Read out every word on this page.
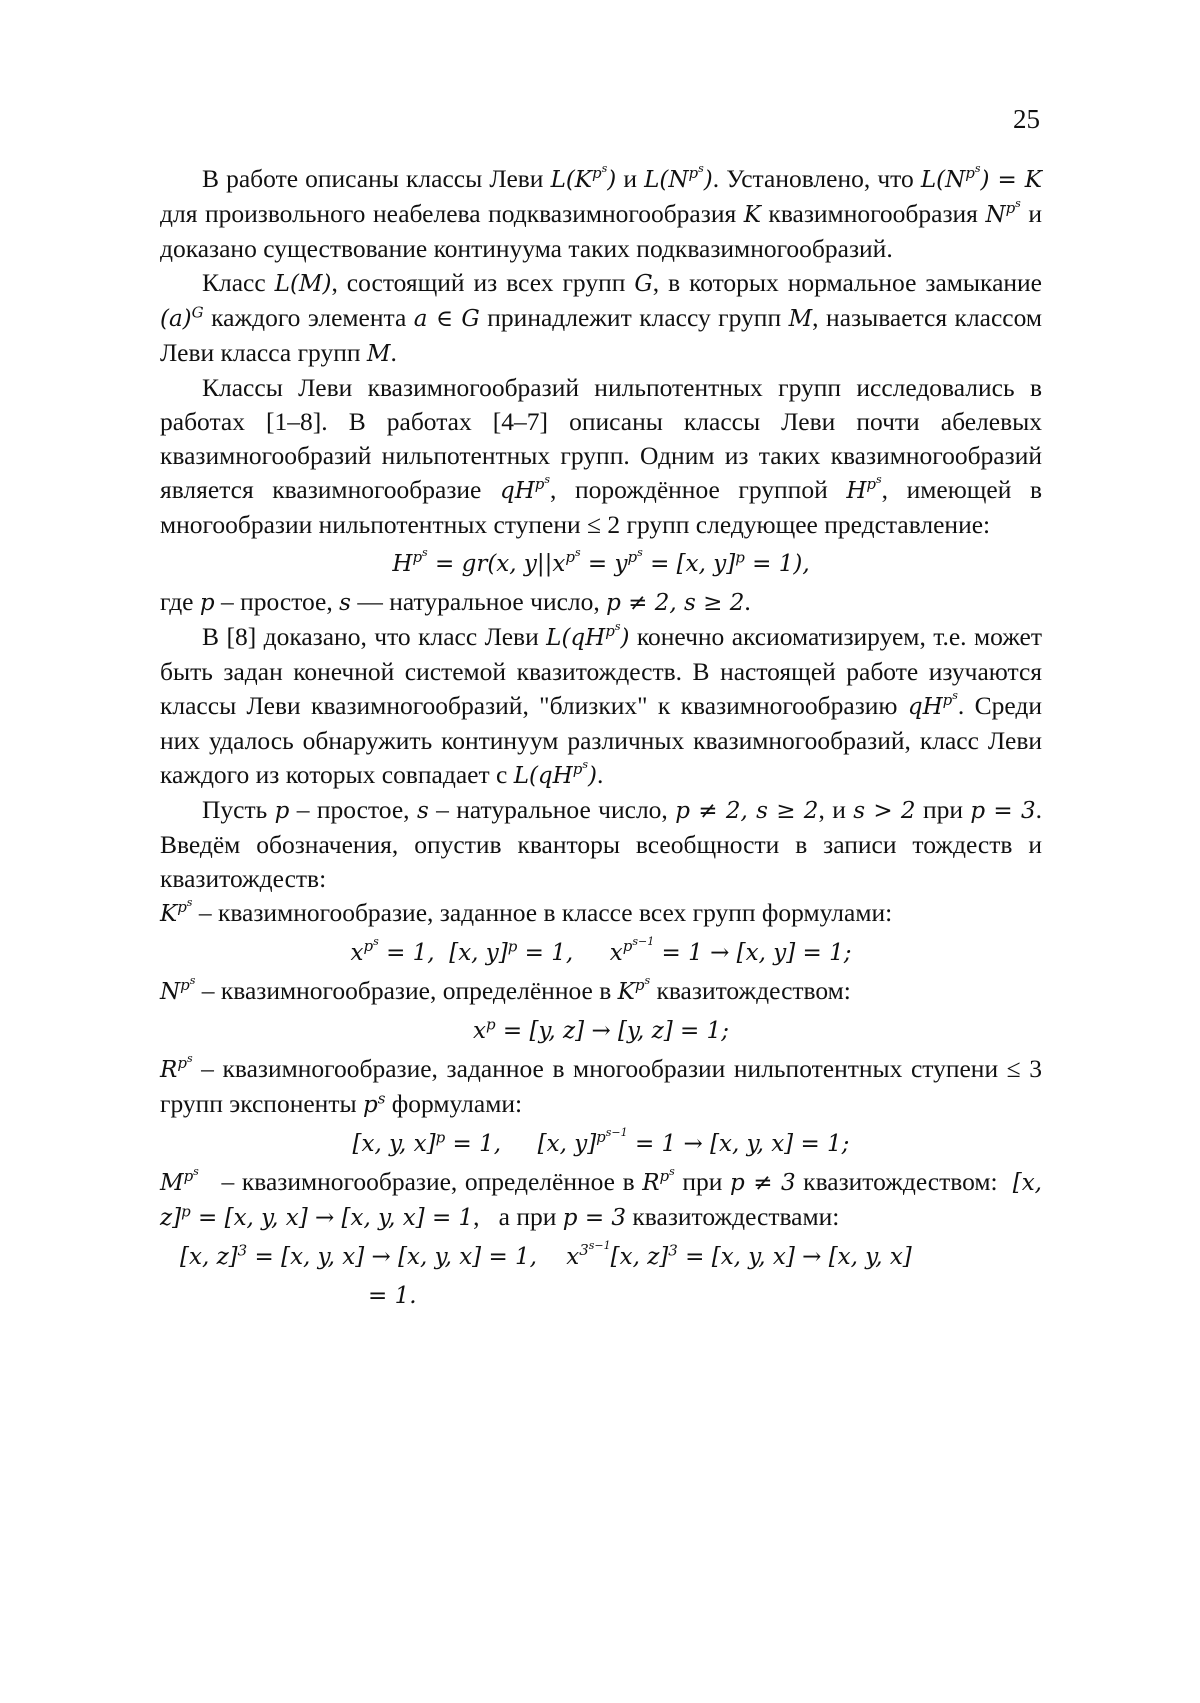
25

В работе описаны классы Леви $L(K^{p^s})$ и $L(N^{p^s})$. Установлено, что $L(N^{p^s}) = K$ для произвольного неабелева подквазимногообразия K квазимногообразия $N^{p^s}$ и доказано существование континуума таких подквазимногообразий.

Класс L(M), состоящий из всех групп G, в которых нормальное замыкание $(a)^G$ каждого элемента a ∈ G принадлежит классу групп M, называется классом Леви класса групп M.

Классы Леви квазимногообразий нильпотентных групп исследовались в работах [1–8]. В работах [4–7] описаны классы Леви почти абелевых квазимногообразий нильпотентных групп. Одним из таких квазимногообразий является квазимногообразие $qH^{p^s}$, порождённое группой $H^{p^s}$, имеющей в многообразии нильпотентных ступени ≤ 2 групп следующее представление:

$H^{p^s} = gr(x$, $y||x^{p^s} = y^{p^s} = [x$, y]$^p$ = 1),

где p – простое, s — натуральное число, p ≠ 2, s ≥ 2.

В [8] доказано, что класс Леви $L(qH^{p^s})$ конечно аксиоматизируем, т.е. может быть задан конечной системой квазитождеств. В настоящей работе изучаются классы Леви квазимногообразий, "близких" к квазимногообразию $qH^{p^s}$. Среди них удалось обнаружить континуум различных квазимногообразий, класс Леви каждого из которых совпадает с $L(qH^{p^s})$.

Пусть p – простое, s – натуральное число, p ≠ 2, s ≥ 2, и s > 2 при p = 3. Введём обозначения, опустив кванторы всеобщности в записи тождеств и квазитождеств:

$K^{p^s}$ – квазимногообразие, заданное в классе всех групп формулами:

$x^{p^s} = 1$,  [x, y]$^p$ = 1,     $x^{p^{s-1}} = 1 \to [x$, y] = 1;

$N^{p^s}$ – квазимногообразие, определённое в $K^{p^s}$ квазитождеством:

$x^p = [y$, z] → [y, z] = 1;

$R^{p^s}$ – квазимногообразие, заданное в многообразии нильпотентных ступени ≤ 3 групп экспоненты $p^s$ формулами:

[x, y, x]$^p$ = 1,     [x, y]$^{p^{s-1}}$ = 1 → [x, y, x] = 1;

$M^{p^s}$   – квазимногообразие, определённое в $R^{p^s}$ при p ≠ 3 квазитождеством:  [x, z]$^p$ = [x, y, x] → [x, y, x] = 1,   а при p = 3 квазитождествами:

[x, z]$^3$ = [x, y, x] → [x, y, x] = 1,    $x^{3^{s-1}}[x$, z]$^3$ = [x, y, x] → [x, y, x]
= 1.
